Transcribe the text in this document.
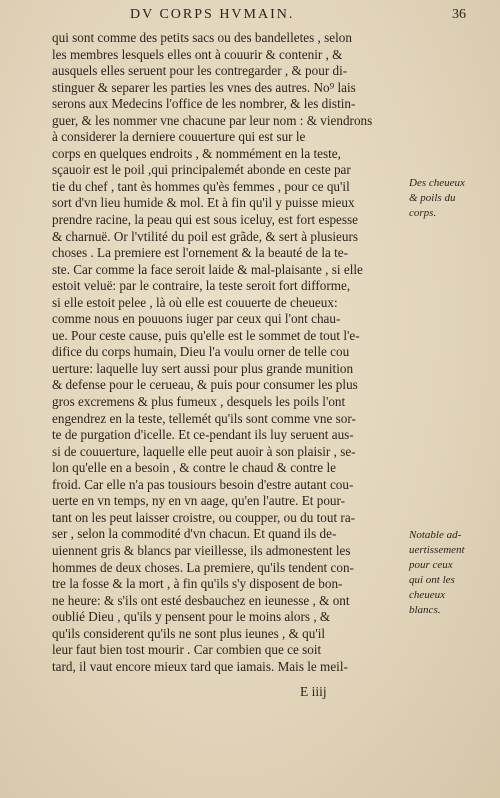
DV CORPS HVMAIN.	36
qui sont comme des petits sacs ou des bandelletes , selon
les membres lesquels elles ont à couurir & contenir , &
ausquels elles seruent pour les contregarder , & pour di-
stinguer & separer les parties les vnes des autres. No⁹ lais
serons aux Medecins l'office de les nombrer, & les distin-
guer, & les nommer vne chacune par leur nom : & viendrons
à considerer la derniere couuerture qui est sur le
corps en quelques endroits , & nommément en la teste,
sçauoir est le poil ,qui principalemét abonde en ceste par
tie du chef , tant ès hommes qu'ès femmes , pour ce qu'il
sort d'vn lieu humide & mol. Et à fin qu'il y puisse mieux
prendre racine, la peau qui est sous iceluy, est fort espesse
& charnuë. Or l'vtilité du poil est grãde, & sert à plusieurs
choses . La premiere est l'ornement & la beauté de la te-
ste. Car comme la face seroit laide & mal-plaisante , si elle
estoit veluë: par le contraire, la teste seroit fort difforme,
si elle estoit pelee , là où elle est couuerte de cheueux:
comme nous en pouuons iuger par ceux qui l'ont chau-
ue. Pour ceste cause, puis qu'elle est le sommet de tout l'e-
difice du corps humain, Dieu l'a voulu orner de telle cou
uerture: laquelle luy sert aussi pour plus grande munition
& defense pour le cerueau, & puis pour consumer les plus
gros excremens & plus fumeux , desquels les poils l'ont
engendrez en la teste, tellemét qu'ils sont comme vne sor-
te de purgation d'icelle. Et ce-pendant ils luy seruent aus-
si de couuerture, laquelle elle peut auoir à son plaisir , se-
lon qu'elle en a besoin , & contre le chaud & contre le
froid. Car elle n'a pas tousiours besoin d'estre autant cou-
uerte en vn temps, ny en vn aage, qu'en l'autre. Et pour-
tant on les peut laisser croistre, ou coupper, ou du tout ra-
ser , selon la commodité d'vn chacun. Et quand ils de-
uiennent gris & blancs par vieillesse, ils admonestent les
hommes de deux choses. La premiere, qu'ils tendent con-
tre la fosse & la mort , à fin qu'ils s'y disposent de bon-
ne heure: & s'ils ont esté desbauchez en ieunesse , & ont
oublié Dieu , qu'ils y pensent pour le moins alors , &
qu'ils considerent qu'ils ne sont plus ieunes , & qu'il
leur faut bien tost mourir . Car combien que ce soit
tard, il vaut encore mieux tard que iamais. Mais le meil-
Des cheueux
& poils du
corps.
Notable ad-
uertissement
pour ceux
qui ont les
cheueux
blancs.
E iiij
